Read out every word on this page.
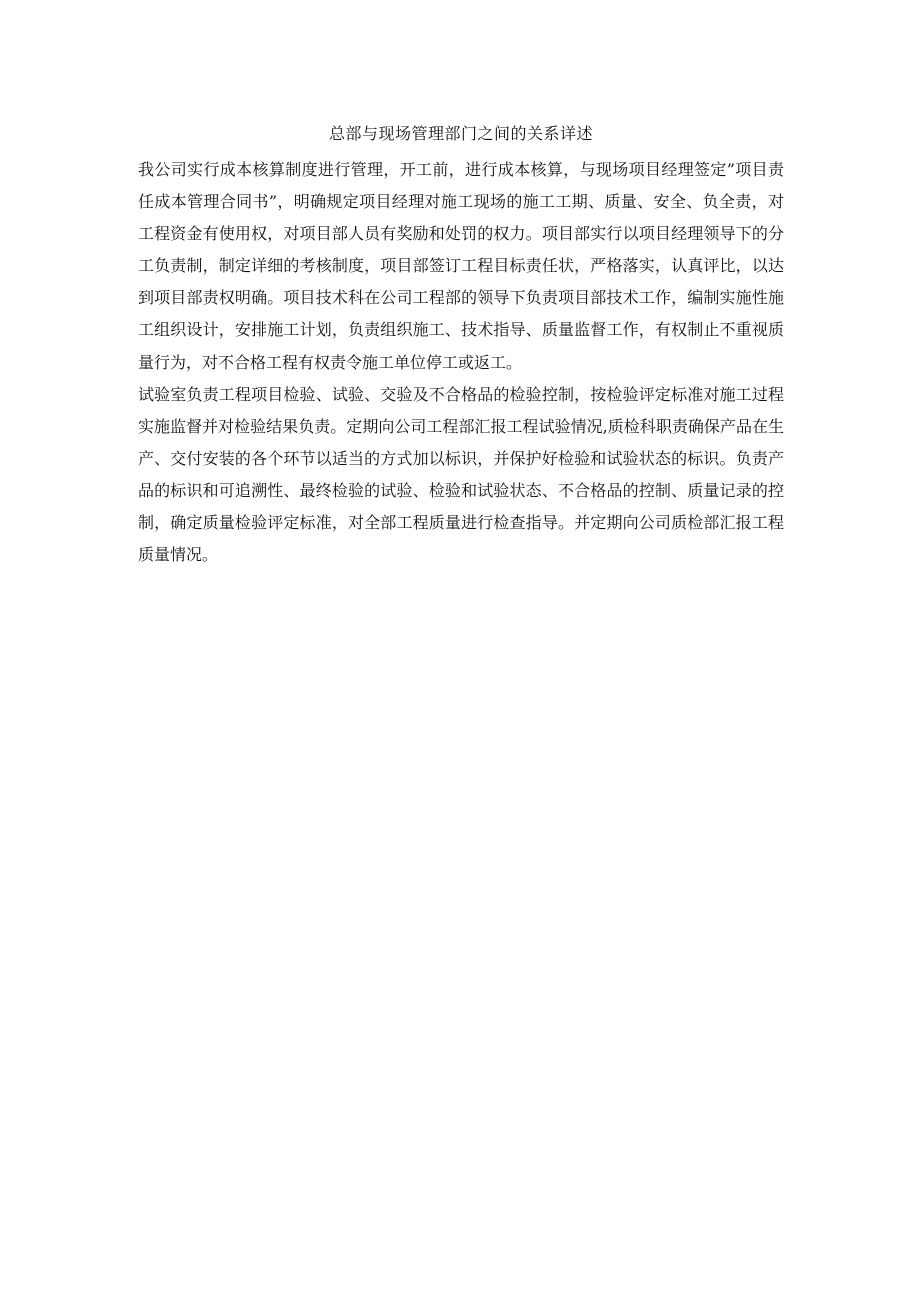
总部与现场管理部门之间的关系详述

我公司实行成本核算制度进行管理，开工前，进行成本核算，与现场项目经理签定”项目责任成本管理合同书”，明确规定项目经理对施工现场的施工工期、质量、安全、负全责，对工程资金有使用权，对项目部人员有奖励和处罚的权力。项目部实行以项目经理领导下的分工负责制，制定详细的考核制度，项目部签订工程目标责任状，严格落实，认真评比，以达到项目部责权明确。项目技术科在公司工程部的领导下负责项目部技术工作，编制实施性施工组织设计，安排施工计划，负责组织施工、技术指导、质量监督工作，有权制止不重视质量行为，对不合格工程有权责令施工单位停工或返工。

试验室负责工程项目检验、试验、交验及不合格品的检验控制，按检验评定标准对施工过程实施监督并对检验结果负责。定期向公司工程部汇报工程试验情况,质检科职责确保产品在生产、交付安装的各个环节以适当的方式加以标识，并保护好检验和试验状态的标识。负责产品的标识和可追溯性、最终检验的试验、检验和试验状态、不合格品的控制、质量记录的控制，确定质量检验评定标准，对全部工程质量进行检查指导。并定期向公司质检部汇报工程质量情况。
